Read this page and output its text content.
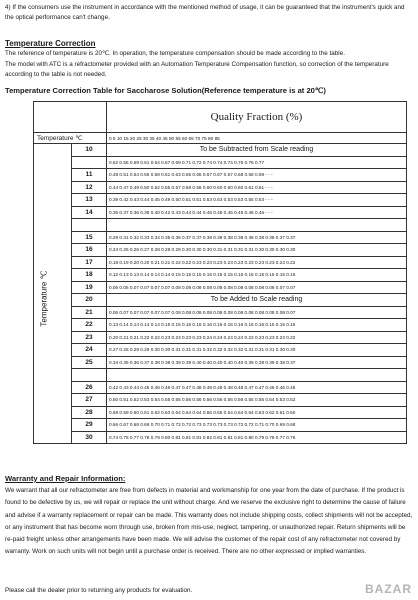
4) If the consumers use the instrument in accordance with the mentioned method of usage, it can be guaranteed that the instrument's quick and the optical performance can't change.

Temperature Correction

The reference of temperature is 20℃. In operation, the temperature compensation should be made according to the table.

The model with ATC is a refractometer provided with an Automation Temperature Compensation function, so correction of the temperature according to the table is not needed.

Temperature Correction Table for Saccharose Solution(Reference temperature is at 20℃)

		Quality Fraction (%)
Temperature ℃		0 5 10 15 20 25 30 35 40 45 50 55 60 65 70 75 80 85

Temperature ℃	10	To be Subtracted from Scale reading
		0.52 0.56 0.59 0.61 0.64 0.67 0.69 0.71 0.72 0.74 0.74 0.74 0.75 0.76 0.77
	11	0.48 0.51 0.54 0.55 0.58 0.61 0.63 0.65 0.65 0.67 0.67 0.67 0.68 0.68 0.69 - - -
	12	0.44 0.47 0.49 0.50 0.52 0.55 0.57 0.58 0.58 0.60 0.60 0.60 0.60 0.61 0.61 - - -
	13	0.39 0.42 0.43 0.44 0.45 0.49 0.50 0.51 0.51 0.53 0.53 0.53 0.53 0.55 0.53 - - -
	14	0.35 0.37 0.36 0.39 0.40 0.42 0.43 0.44 0.44 0.45 0.45 0.45 0.45 0.46 0.46 - - -

	15	0.29 0.31 0.32 0.33 0.34 0.35 0.36 0.37 0.37 0.38 0.38 0.38 0.38 0.38 0.38 0.38 0.37 0.37
	16	0.24 0.25 0.26 0.27 0.28 0.28 0.29 0.30 0.30 0.30 0.31 0.31 0.31 0.31 0.30 0.30 0.30 0.30
	17	0.18 0.19 0.20 0.20 0.21 0.21 0.22 0.22 0.23 0.23 0.23 0.23 0.23 0.23 0.23 0.23 0.23 0.22
	18	0.12 0.13 0.13 0.14 0.14 0.14 0.15 0.15 0.15 0.15 0.15 0.15 0.15 0.15 0.15 0.15 0.15 0.15
	19	0.06 0.06 0.07 0.07 0.07 0.07 0.08 0.08 0.08 0.08 0.08 0.08 0.08 0.08 0.08 0.08 0.07 0.07
	20	To be Added to Scale reading
	21	0.06 0.07 0.07 0.07 0.07 0.07 0.08 0.08 0.08 0.08 0.08 0.08 0.08 0.08 0.08 0.08 0.08 0.07
	22	0.13 0.14 0.14 0.14 0.14 0.15 0.15 0.16 0.16 0.16 0.16 0.16 0.16 0.16 0.15 0.15 0.15 0.15
	23	0.20 0.21 0.21 0.22 0.22 0.23 0.23 0.23 0.23 0.24 0.24 0.24 0.24 0.23 0.23 0.23 0.23 0.22
	24	0.27 0.28 0.29 0.29 0.30 0.30 0.31 0.31 0.31 0.32 0.32 0.32 0.32 0.31 0.31 0.31 0.30 0.30
	25	0.34 0.35 0.36 0.37 0.38 0.38 0.39 0.39 0.40 0.40 0.40 0.40 0.40 0.39 0.39 0.39 0.38 0.37

	26	0.42 0.43 0.44 0.45 0.46 0.46 0.47 0.47 0.48 0.48 0.48 0.48 0.48 0.47 0.47 0.46 0.46 0.45
	27	0.50 0.51 0.52 0.53 0.54 0.55 0.55 0.56 0.56 0.56 0.56 0.56 0.56 0.55 0.55 0.54 0.53 0.52
	28	0.58 0.59 0.60 0.61 0.62 0.63 0.64 0.64 0.64 0.65 0.65 0.64 0.64 0.64 0.63 0.62 0.61 0.60
	29	0.66 0.67 0.68 0.69 0.70 0.71 0.72 0.72 0.73 0.73 0.73 0.73 0.72 0.72 0.71 0.70 0.69 0.68
	30	0.74 0.75 0.77 0.78 0.79 0.80 0.81 0.81 0.81 0.82 0.81 0.81 0.81 0.80 0.79 0.78 0.77 0.76

Warranty and Repair Information:

We warrant that all our refractometer are free from defects in material and workmanship for one year from the date of purchase. If the product is found to be defective by us, we will repair or replace the unit without charge. And we reserve the exclusive right to determine the cause of failure and advise if a warranty replacement or repair can be made. This warranty does not include shipping costs, collect shipments will not be accepted, or any instrument that has become worn through use, broken from mis-use, neglect, tampering, or unauthorized repair. Return shipments will be re-paid freight unless other arrangements have been made. We will advise the customer of the repair cost of any refractometer not covered by warranty. Work on such units will not begin until a purchase order is received. There are no other expressed or implied warranties.

Please call the dealer prior to returning any products for evaluation.	BAZAR
